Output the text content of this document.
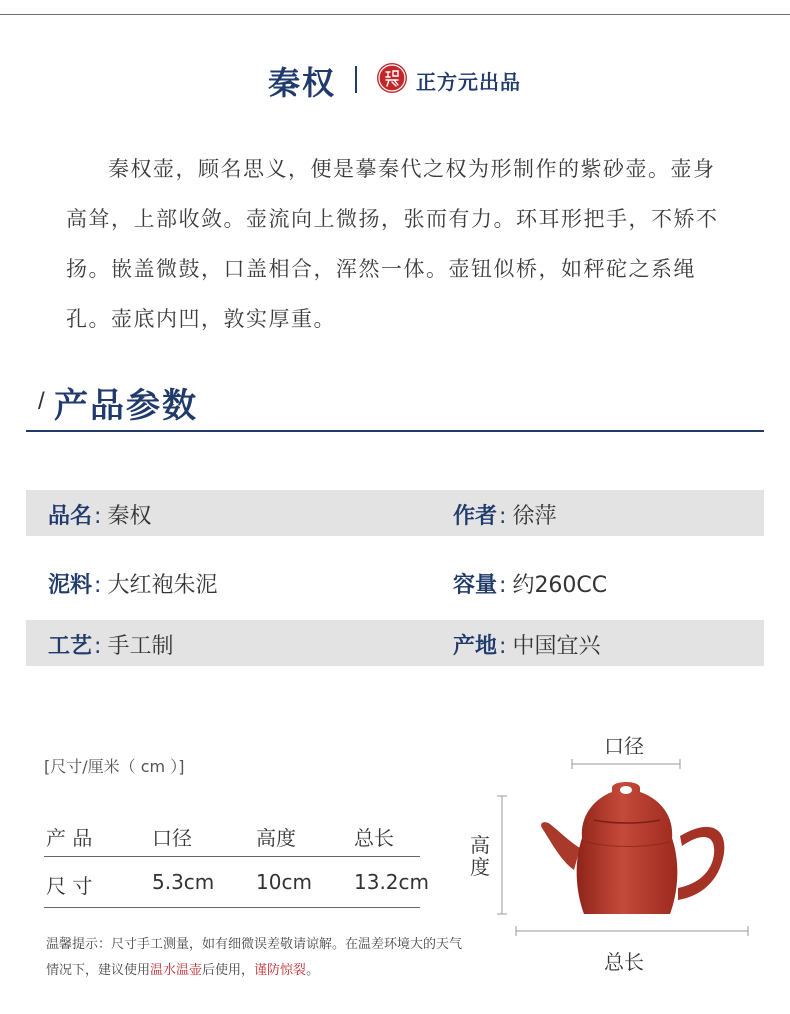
秦权	正方元出品

秦权壶，顾名思义，便是摹秦代之权为形制作的紫砂壶。壶身高耸，上部收敛。壶流向上微扬，张而有力。环耳形把手，不矫不扬。嵌盖微鼓，口盖相合，浑然一体。壶钮似桥，如秤砣之系绳孔。壶底内凹，敦实厚重。

/ 产品参数
品名: 秦权	作者: 徐萍
泥料: 大红袍朱泥	容量: 约260CC
工艺: 手工制	产地: 中国宜兴
[尺寸/厘米（ cm ）]
产 品	口径	高度	总长
尺 寸	5.3cm 10cm 13.2cm
温馨提示：尺寸手工测量，如有细微误差敬请谅解。在温差环境大的天气情况下，建议使用温水温壶后使用，谨防惊裂。
口径
高度
总长
